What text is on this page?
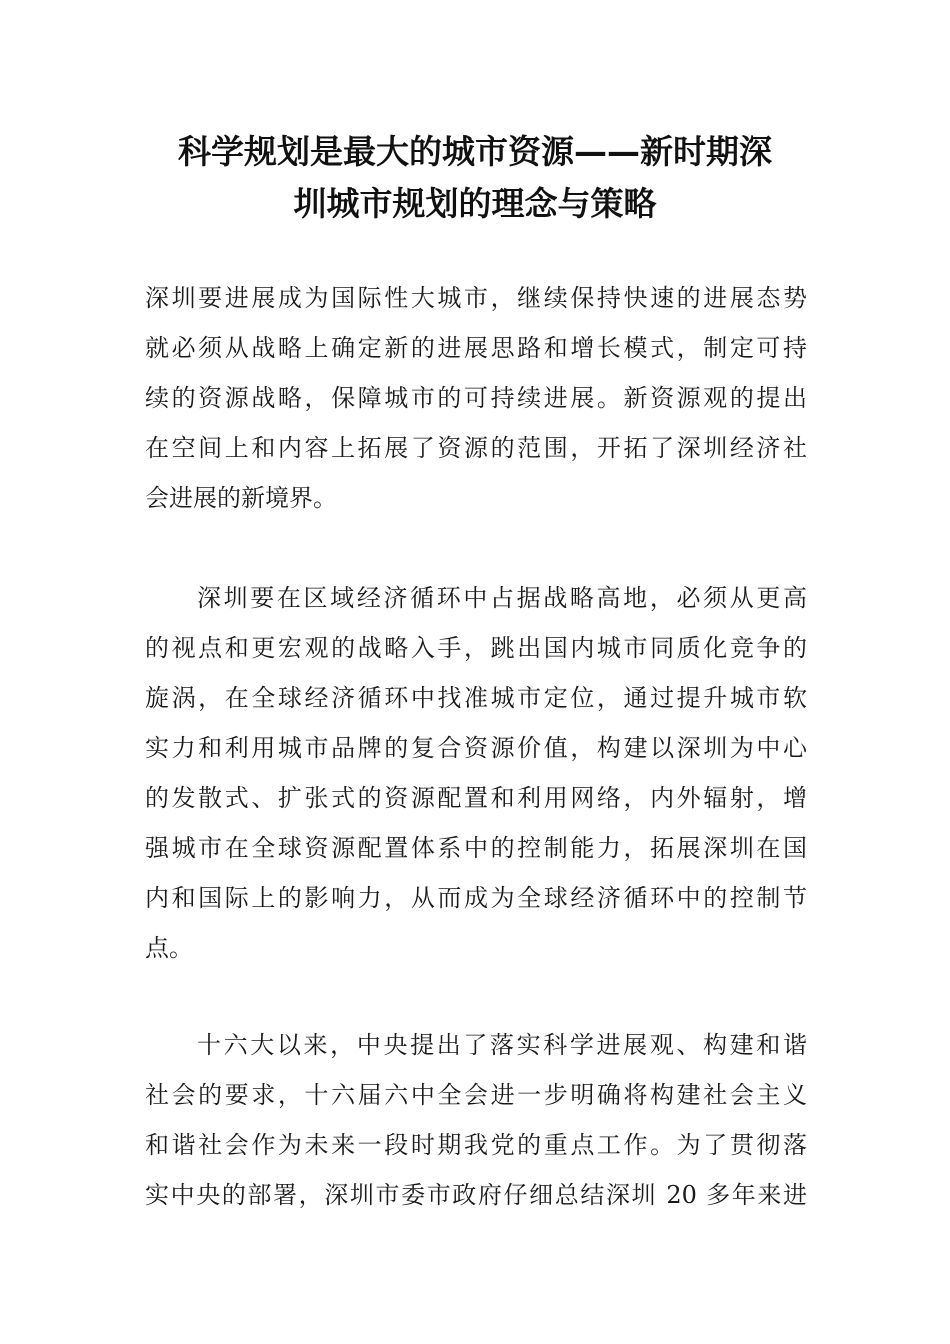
科学规划是最大的城市资源——新时期深
圳城市规划的理念与策略
深圳要进展成为国际性大城市，继续保持快速的进展态势
就必须从战略上确定新的进展思路和增长模式，制定可持
续的资源战略，保障城市的可持续进展。新资源观的提出
在空间上和内容上拓展了资源的范围，开拓了深圳经济社
会进展的新境界。
深圳要在区域经济循环中占据战略高地，必须从更高
的视点和更宏观的战略入手，跳出国内城市同质化竞争的
旋涡，在全球经济循环中找准城市定位，通过提升城市软
实力和利用城市品牌的复合资源价值，构建以深圳为中心
的发散式、扩张式的资源配置和利用网络，内外辐射，增
强城市在全球资源配置体系中的控制能力，拓展深圳在国
内和国际上的影响力，从而成为全球经济循环中的控制节
点。
十六大以来，中央提出了落实科学进展观、构建和谐
社会的要求，十六届六中全会进一步明确将构建社会主义
和谐社会作为未来一段时期我党的重点工作。为了贯彻落
实中央的部署，深圳市委市政府仔细总结深圳 20 多年来进
